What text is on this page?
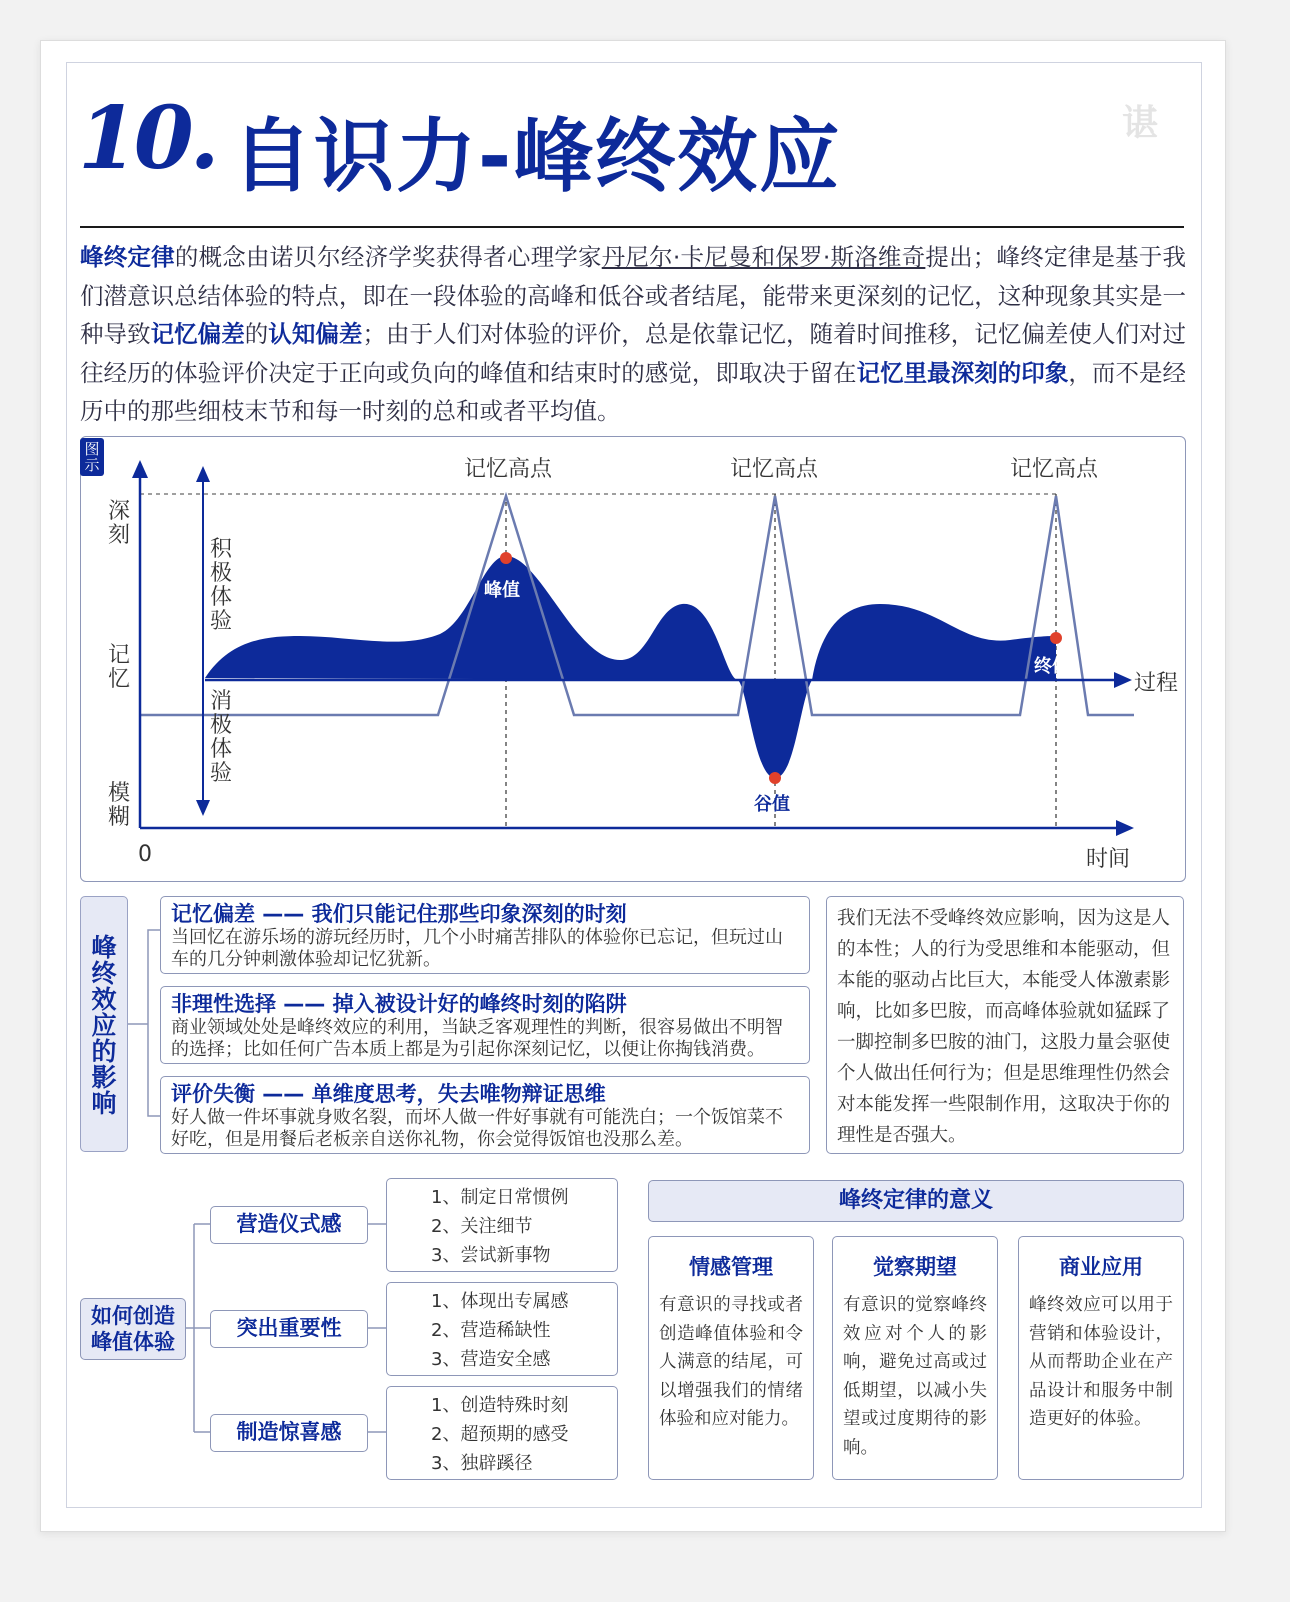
10. 自识力-峰终效应	谌
峰终定律的概念由诺贝尔经济学奖获得者心理学家丹尼尔·卡尼曼和保罗·斯洛维奇提出；峰终定律是基于我们潜意识总结体验的特点，即在一段体验的高峰和低谷或者结尾，能带来更深刻的记忆，这种现象其实是一种导致记忆偏差的认知偏差；由于人们对体验的评价，总是依靠记忆，随着时间推移，记忆偏差使人们对过往经历的体验评价决定于正向或负向的峰值和结束时的感觉，即取决于留在记忆里最深刻的印象，而不是经历中的那些细枝末节和每一时刻的总和或者平均值。
图示	记忆高点	记忆高点	记忆高点
深刻
记忆
模糊
积极体验
消极体验
0	时间
过程
峰值
谷值
终值
峰终效应的影响
记忆偏差 —— 我们只能记住那些印象深刻的时刻
当回忆在游乐场的游玩经历时，几个小时痛苦排队的体验你已忘记，但玩过山车的几分钟刺激体验却记忆犹新。
非理性选择 —— 掉入被设计好的峰终时刻的陷阱
商业领域处处是峰终效应的利用，当缺乏客观理性的判断，很容易做出不明智的选择；比如任何广告本质上都是为引起你深刻记忆，以便让你掏钱消费。
评价失衡 —— 单维度思考，失去唯物辩证思维
好人做一件坏事就身败名裂，而坏人做一件好事就有可能洗白；一个饭馆菜不好吃，但是用餐后老板亲自送你礼物，你会觉得饭馆也没那么差。
我们无法不受峰终效应影响，因为这是人的本性；人的行为受思维和本能驱动，但本能的驱动占比巨大，本能受人体激素影响，比如多巴胺，而高峰体验就如猛踩了一脚控制多巴胺的油门，这股力量会驱使个人做出任何行为；但是思维理性仍然会对本能发挥一些限制作用，这取决于你的理性是否强大。
如何创造峰值体验
营造仪式感
突出重要性
制造惊喜感
1、制定日常惯例
2、关注细节
3、尝试新事物
1、体现出专属感
2、营造稀缺性
3、营造安全感
1、创造特殊时刻
2、超预期的感受
3、独辟蹊径
峰终定律的意义
情感管理
有意识的寻找或者创造峰值体验和令人满意的结尾，可以增强我们的情绪体验和应对能力。
觉察期望
有意识的觉察峰终效应对个人的影响，避免过高或过低期望，以减小失望或过度期待的影响。
商业应用
峰终效应可以用于营销和体验设计，从而帮助企业在产品设计和服务中制造更好的体验。
